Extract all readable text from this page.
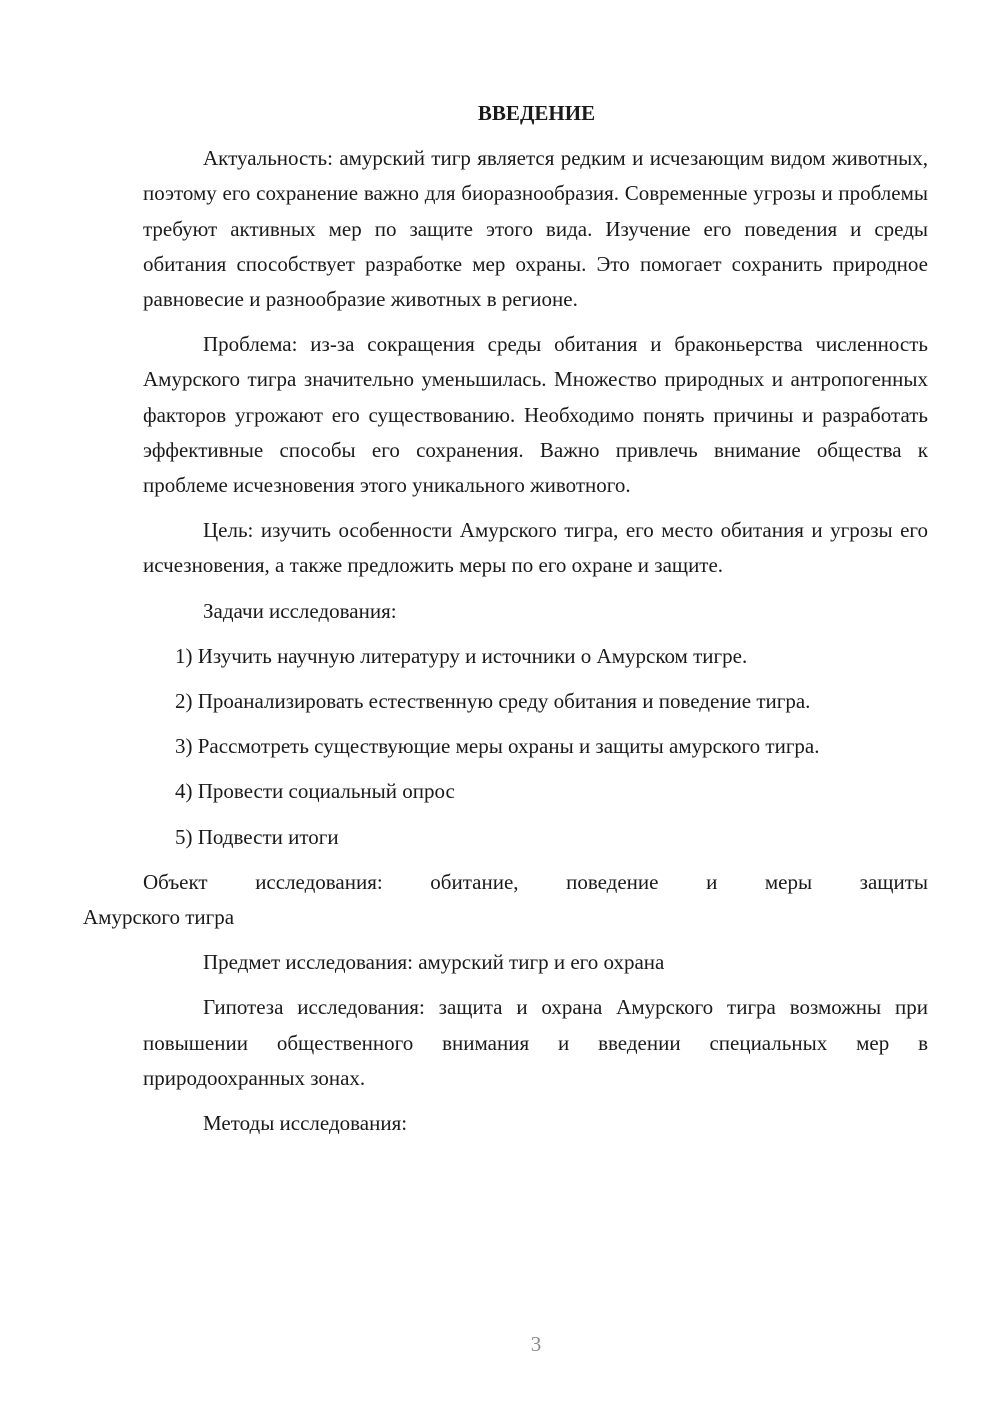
ВВЕДЕНИЕ

Актуальность: амурский тигр является редким и исчезающим видом животных, поэтому его сохранение важно для биоразнообразия. Современные угрозы и проблемы требуют активных мер по защите этого вида. Изучение его поведения и среды обитания способствует разработке мер охраны. Это помогает сохранить природное равновесие и разнообразие животных в регионе.

Проблема: из-за сокращения среды обитания и браконьерства численность Амурского тигра значительно уменьшилась. Множество природных и антропогенных факторов угрожают его существованию. Необходимо понять причины и разработать эффективные способы его сохранения. Важно привлечь внимание общества к проблеме исчезновения этого уникального животного.

Цель: изучить особенности Амурского тигра, его место обитания и угрозы его исчезновения, а также предложить меры по его охране и защите.

Задачи исследования:

1) Изучить научную литературу и источники о Амурском тигре.

2) Проанализировать естественную среду обитания и поведение тигра.

3) Рассмотреть существующие меры охраны и защиты амурского тигра.

4) Провести социальный опрос

5) Подвести итоги

Объект исследования: обитание, поведение и меры защиты

Амурского тигра

Предмет исследования: амурский тигр и его охрана

Гипотеза исследования: защита и охрана Амурского тигра возможны при повышении общественного внимания и введении специальных мер в природоохранных зонах.

Методы исследования:

3
